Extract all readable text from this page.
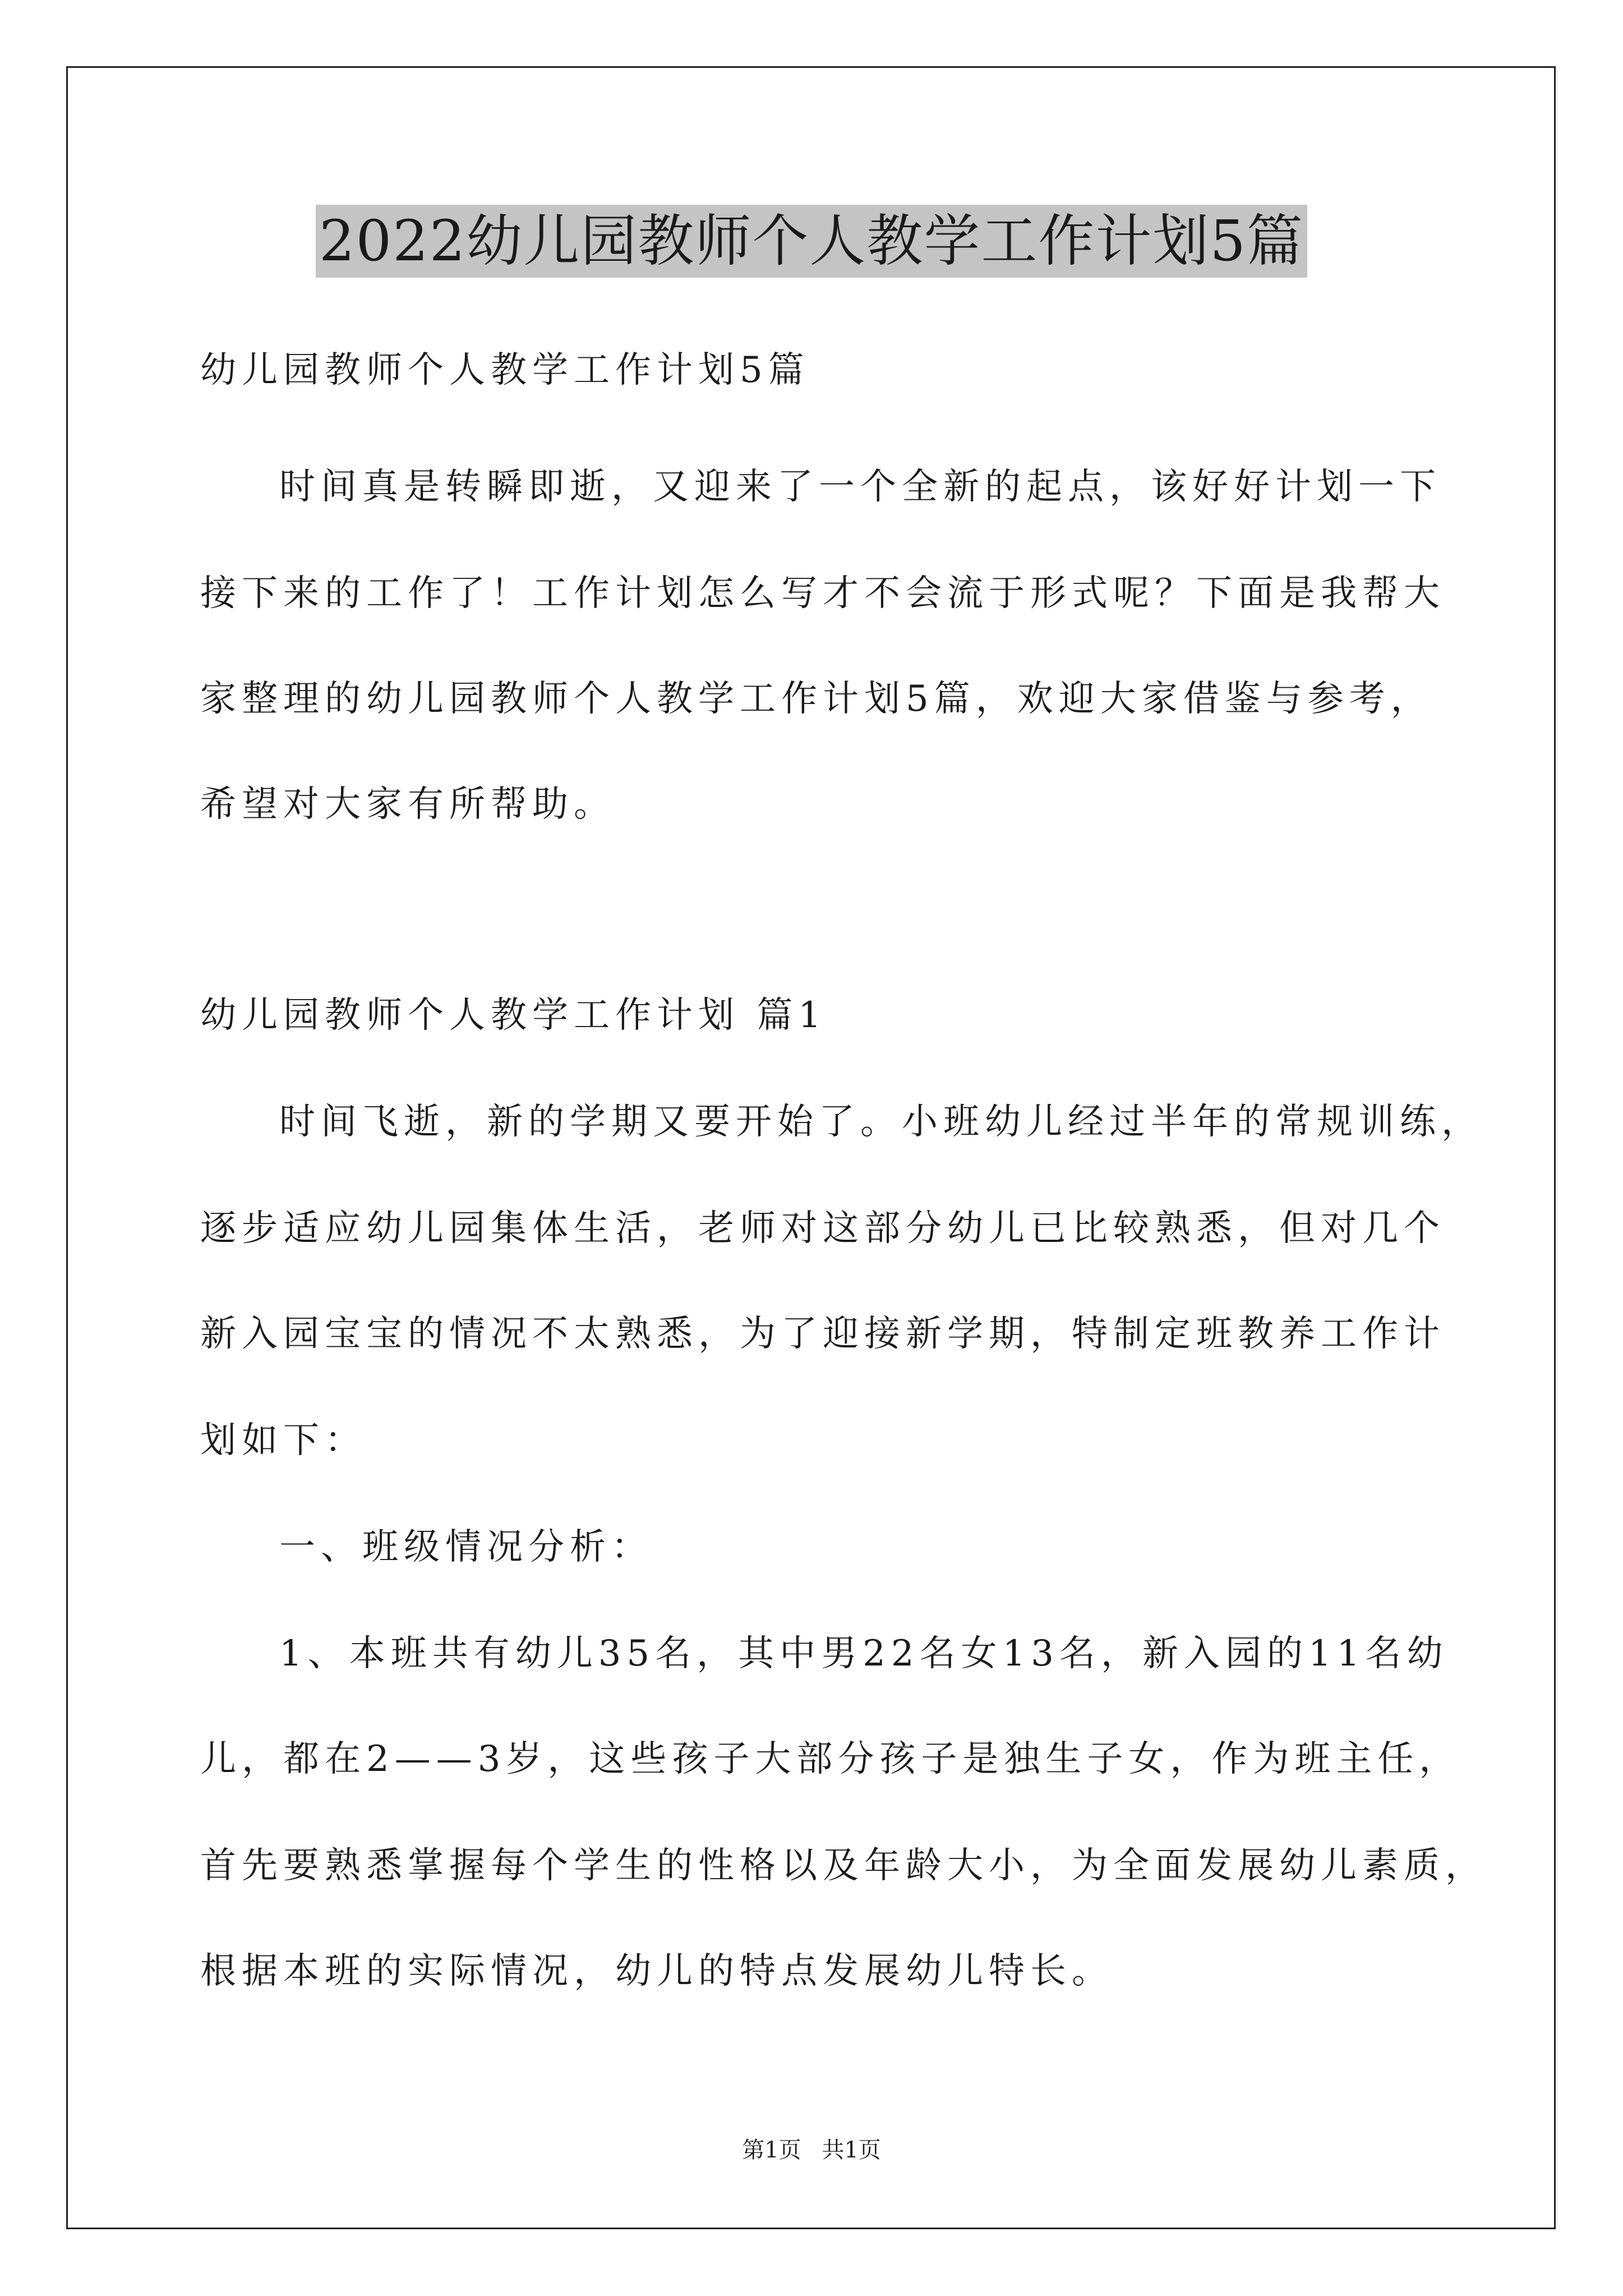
2022幼儿园教师个人教学工作计划5篇
幼儿园教师个人教学工作计划5篇
时间真是转瞬即逝，又迎来了一个全新的起点，该好好计划一下
接下来的工作了！工作计划怎么写才不会流于形式呢？下面是我帮大
家整理的幼儿园教师个人教学工作计划5篇，欢迎大家借鉴与参考，
希望对大家有所帮助。
幼儿园教师个人教学工作计划 篇1
时间飞逝，新的学期又要开始了。小班幼儿经过半年的常规训练，
逐步适应幼儿园集体生活，老师对这部分幼儿已比较熟悉，但对几个
新入园宝宝的情况不太熟悉，为了迎接新学期，特制定班教养工作计
划如下：
一、班级情况分析：
1、本班共有幼儿35名，其中男22名女13名，新入园的11名幼
儿，都在2——3岁，这些孩子大部分孩子是独生子女，作为班主任，
首先要熟悉掌握每个学生的性格以及年龄大小，为全面发展幼儿素质，
根据本班的实际情况，幼儿的特点发展幼儿特长。
第1页 共1页
